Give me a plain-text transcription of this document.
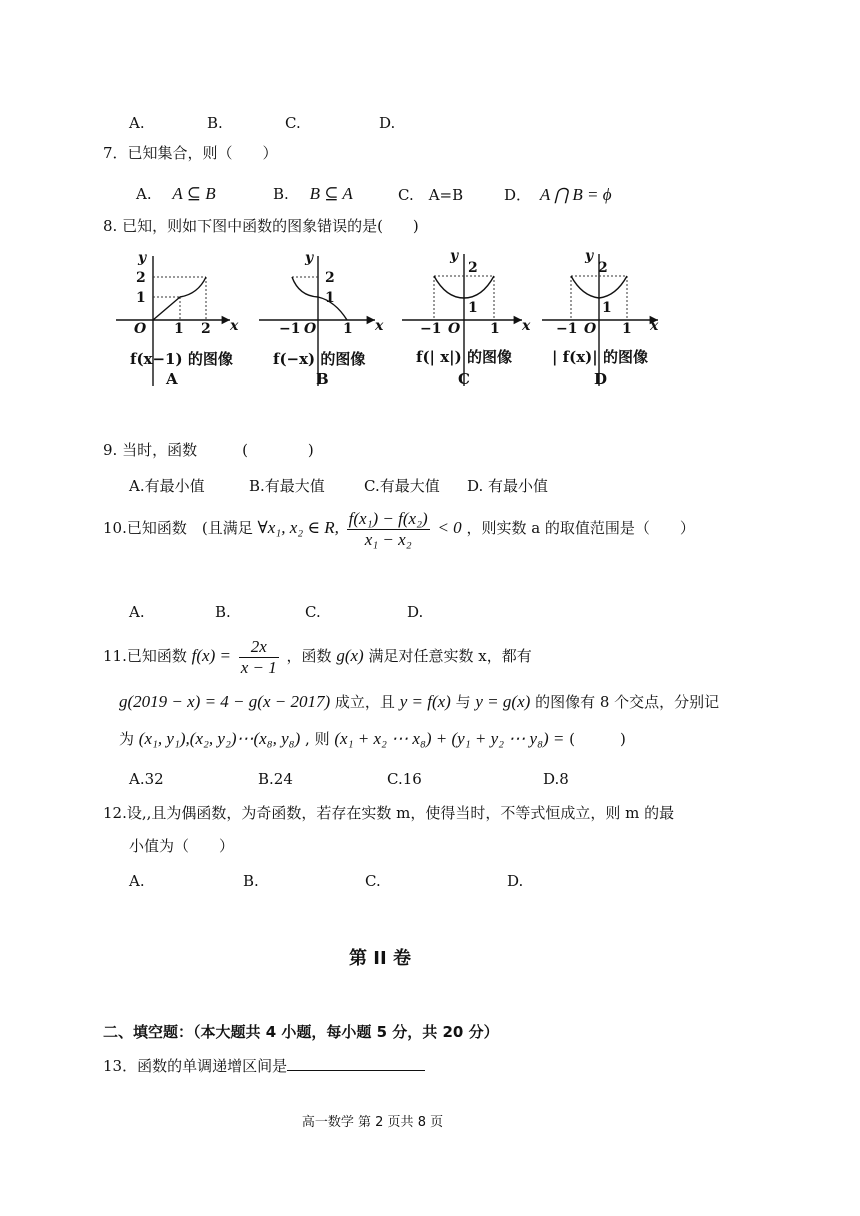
A.	B.	C.	D.
7．已知集合，则（　　）
A. A ⊆ B	B. B ⊆ A	C.　A=B	D． A ⋂ B = ϕ
8. 已知，则如下图中函数的图象错误的是(　　)
y
x
O
2
1
1 2
f(x−1) 的图像
A
y
x
O
2
1
−1	1
f(−x) 的图像
B
y
x
O
2
1
−1	1
f(| x|) 的图像
C
y
x
O
2
1
−1	1
| f(x)| 的图像
D
9. 当时，函数　　　(　　　　)
A.有最小值	B.有最大值	C.有最大值 D. 有最小值
10.已知函数　(且满足 ∀x₁, x₂ ∈ R, $\frac{\text{f(x₁) − f(x₂)}}{\text{x₁ − x₂}} < 0$ ，则实数 a 的取值范围是（　　）
A.	B.	C.	D.
11.已知函数 $f(x) = \frac{2x}{x - 1}$ ，函数 g(x) 满足对任意实数 x，都有
g(2019 − x) = 4 − g(x − 2017) 成立，且 y = f(x) 与 y = g(x) 的图像有 8 个交点，分别记
为 (x₁, y₁),(x₂, y₂)⋯(x₈, y₈) , 则 (x₁ + x₂ ⋯ x₈) + (y₁ + y₂ ⋯ y₈) = (　　　)
A.32	B.24	C.16	D.8
12.设,,且为偶函数，为奇函数，若存在实数 m，使得当时，不等式恒成立，则 m 的最
小值为（　　）
A.	B.	C.	D.
第 II 卷
二、填空题：（本大题共 4 小题，每小题 5 分，共 20 分）
13．函数的单调递增区间是
高一数学 第 2 页共 8 页
